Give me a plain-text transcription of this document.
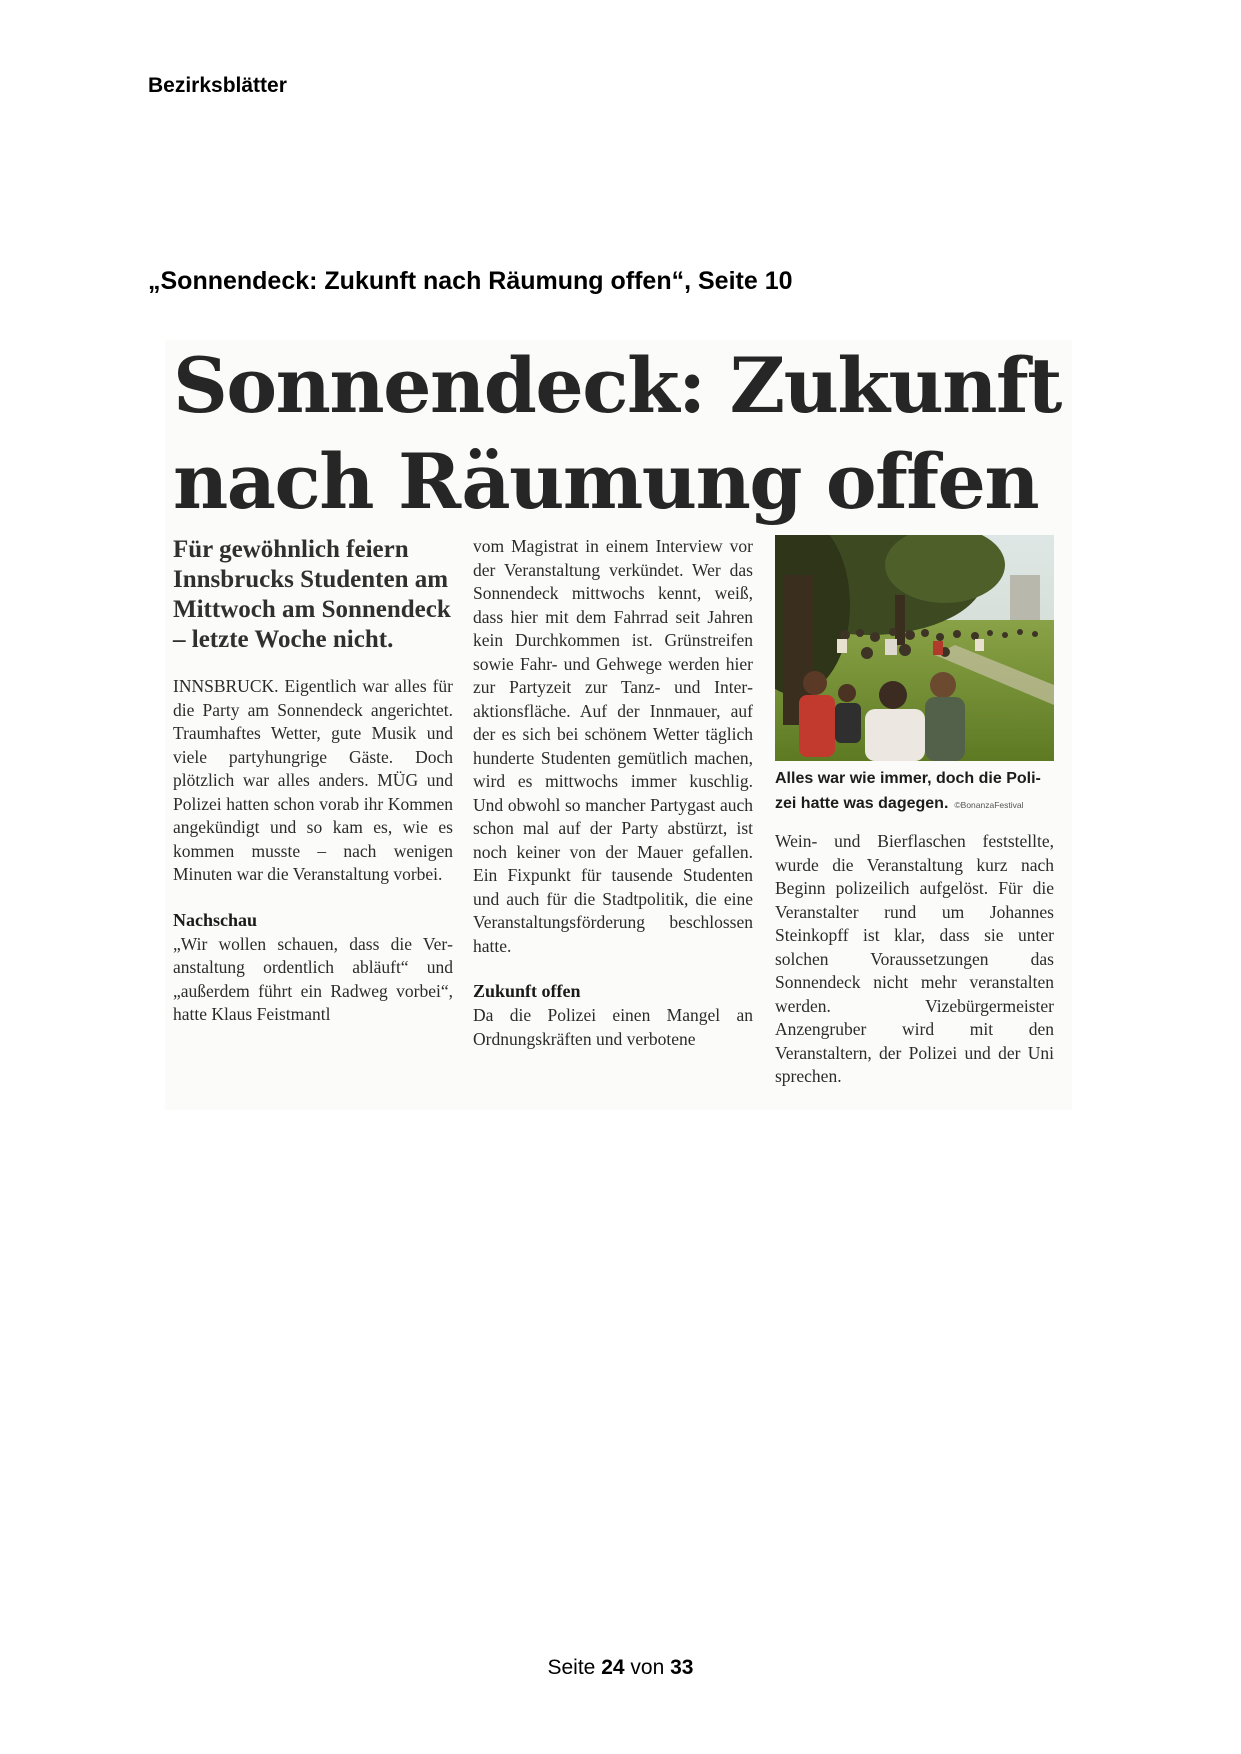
Bezirksblätter
„Sonnendeck: Zukunft nach Räumung offen“, Seite 10
Sonnendeck: Zukunft
nach Räumung offen

Für gewöhnlich feiern Innsbrucks Studenten am Mittwoch am Sonnendeck – letzte Woche nicht.

INNSBRUCK. Eigentlich war alles für die Party am Sonnendeck angerichtet. Traumhaftes Wetter, gute Musik und viele partyhungrige Gäste. Doch plötzlich war alles anders. MÜG und Polizei hatten schon vorab ihr Kommen angekündigt und so kam es, wie es kommen musste – nach wenigen Minuten war die Veranstaltung vorbei.

Nachschau

„Wir wollen schauen, dass die Veranstaltung ordentlich abläuft“ und „außerdem führt ein Radweg vorbei“, hatte Klaus Feistmantl

vom Magistrat in einem Interview vor der Veranstaltung verkündet. Wer das Sonnendeck mittwochs kennt, weiß, dass hier mit dem Fahrrad seit Jahren kein Durchkommen ist. Grünstreifen sowie Fahr- und Gehwege werden hier zur Partyzeit zur Tanz- und Interaktionsfläche. Auf der Innmauer, auf der es sich bei schönem Wetter täglich hunderte Studenten gemütlich machen, wird es mittwochs immer kuschlig. Und obwohl so mancher Partygast auch schon mal auf der Party abstürzt, ist noch keiner von der Mauer gefallen. Ein Fixpunkt für tausende Studenten und auch für die Stadtpolitik, die eine Veranstaltungsförderung beschlossen hatte.

Zukunft offen

Da die Polizei einen Mangel an Ordnungskräften und verbotene

Alles war wie immer, doch die Polizei hatte was dagegen. ©BonanzaFestival

Wein- und Bierflaschen feststellte, wurde die Veranstaltung kurz nach Beginn polizeilich aufgelöst. Für die Veranstalter rund um Johannes Steinkopff ist klar, dass sie unter solchen Voraussetzungen das Sonnendeck nicht mehr veranstalten werden. Vizebürgermeister Anzengruber wird mit den Veranstaltern, der Polizei und der Uni sprechen.

Seite 24 von 33
